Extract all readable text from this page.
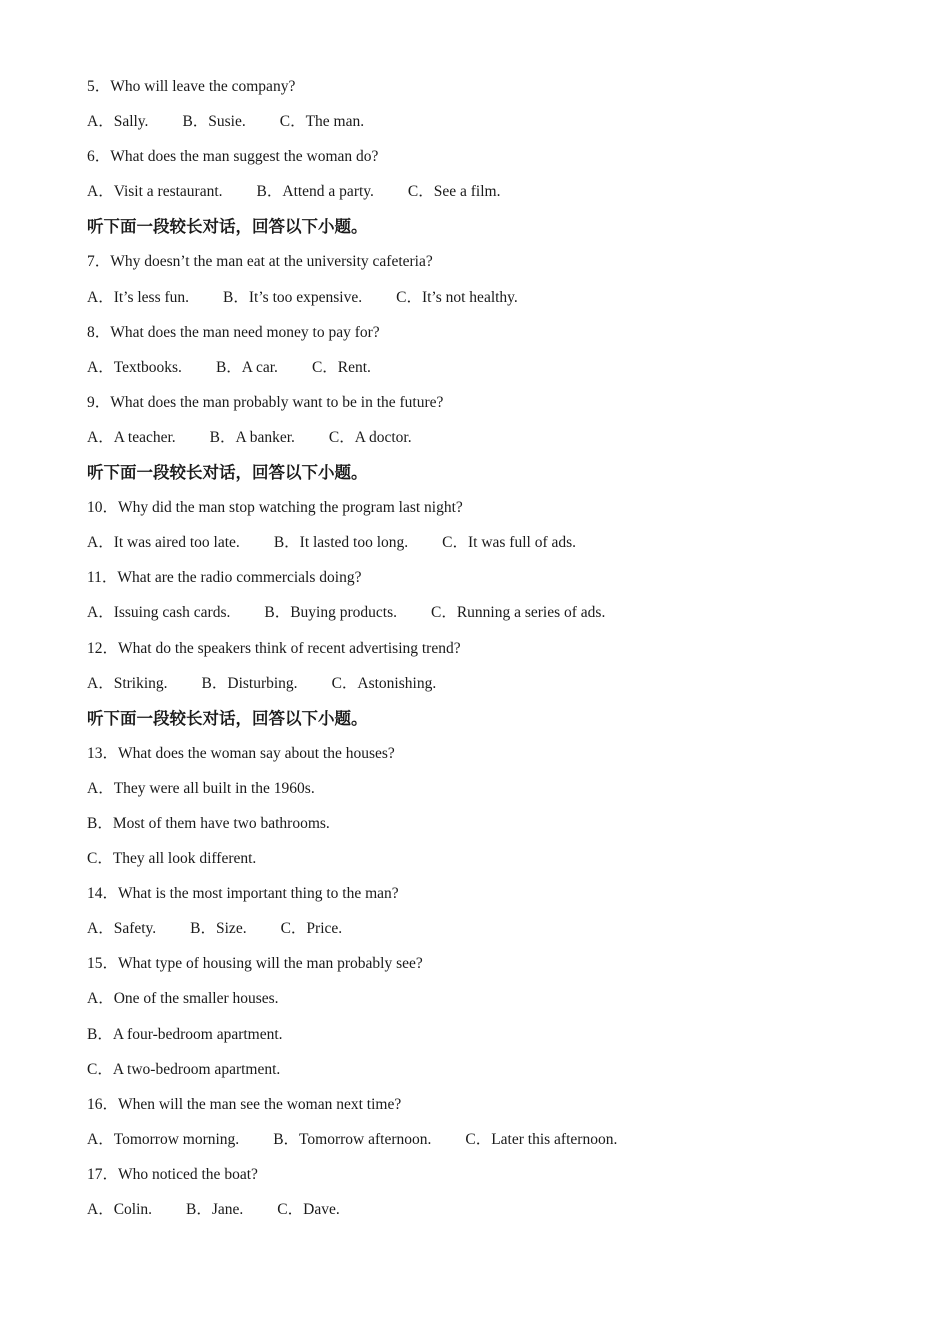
5．Who will leave the company?
A．Sally. B．Susie. C．The man.
6．What does the man suggest the woman do?
A．Visit a restaurant. B．Attend a party. C．See a film.
听下面一段较长对话，回答以下小题。
7．Why doesn’t the man eat at the university cafeteria?
A．It’s less fun. B．It’s too expensive. C．It’s not healthy.
8．What does the man need money to pay for?
A．Textbooks. B．A car. C．Rent.
9．What does the man probably want to be in the future?
A．A teacher. B．A banker. C．A doctor.
听下面一段较长对话，回答以下小题。
10．Why did the man stop watching the program last night?
A．It was aired too late. B．It lasted too long. C．It was full of ads.
11．What are the radio commercials doing?
A．Issuing cash cards. B．Buying products. C．Running a series of ads.
12．What do the speakers think of recent advertising trend?
A．Striking. B．Disturbing. C．Astonishing.
听下面一段较长对话，回答以下小题。
13．What does the woman say about the houses?
A．They were all built in the 1960s.
B．Most of them have two bathrooms.
C．They all look different.
14．What is the most important thing to the man?
A．Safety. B．Size. C．Price.
15．What type of housing will the man probably see?
A．One of the smaller houses.
B．A four-bedroom apartment.
C．A two-bedroom apartment.
16．When will the man see the woman next time?
A．Tomorrow morning. B．Tomorrow afternoon. C．Later this afternoon.
17．Who noticed the boat?
A．Colin. B．Jane. C．Dave.
